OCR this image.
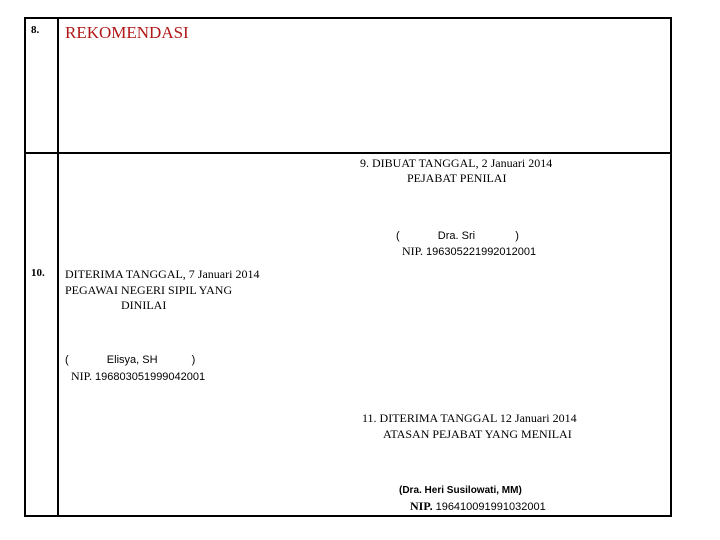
8. REKOMENDASI
9. DIBUAT TANGGAL, 2 Januari 2014
PEJABAT PENILAI
(	Dra. Sri	)
NIP. 196305221992012001
10. DITERIMA TANGGAL, 7 Januari 2014
PEGAWAI NEGERI SIPIL YANG
DINILAI
(	Elisya, SH	)
NIP. 196803051999042001
11. DITERIMA TANGGAL 12 Januari 2014
ATASAN PEJABAT YANG MENILAI
(Dra. Heri Susilowati, MM)
NIP. 196410091991032001
